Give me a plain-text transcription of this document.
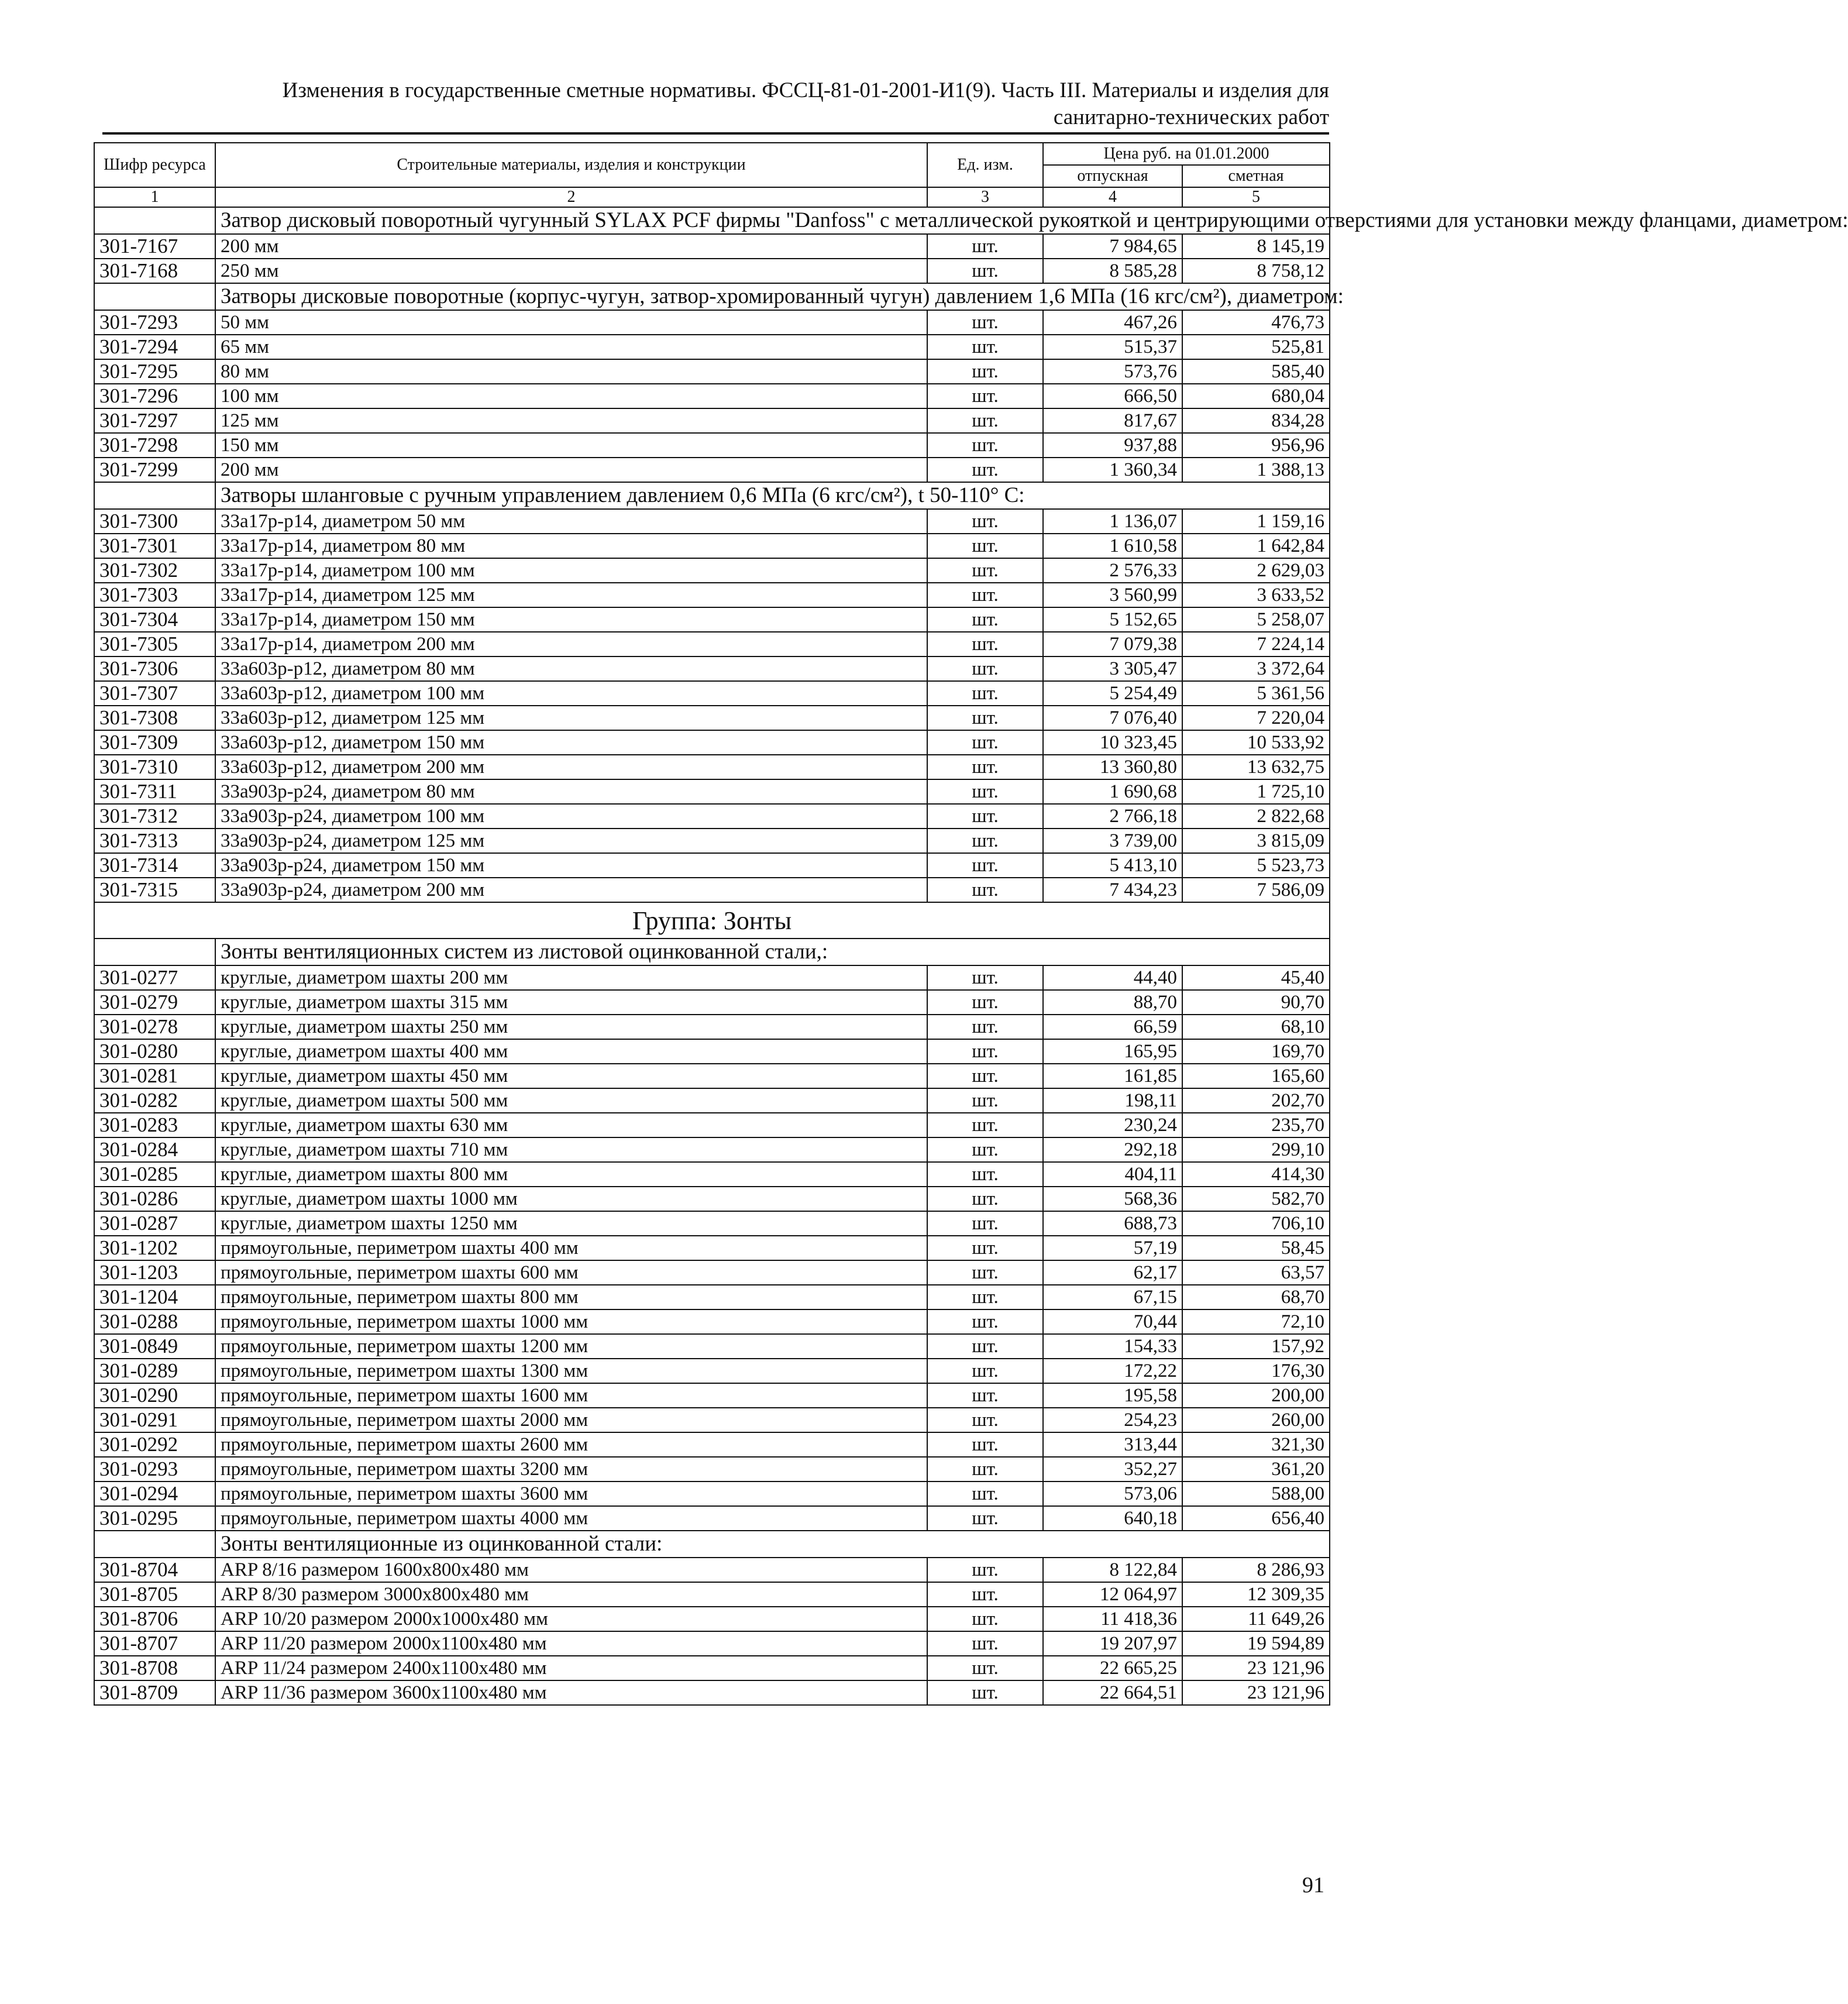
Изменения в государственные сметные нормативы. ФССЦ-81-01-2001-И1(9). Часть III. Материалы и изделия для
санитарно-технических работ
Шифр ресурса	Строительные материалы, изделия и конструкции	Ед. изм.	Цена руб. на 01.01.2000	
			отпускная	сметная
1	2	3	4	5
	Затвор дисковый поворотный чугунный SYLAX PCF фирмы "Danfoss" с металлической рукояткой и центрирующими отверстиями для установки между фланцами, диаметром:			
301-7167	200 мм	шт.	7 984,65	8 145,19
301-7168	250 мм	шт.	8 585,28	8 758,12
	Затворы дисковые поворотные (корпус-чугун, затвор-хромированный чугун) давлением 1,6 МПа (16 кгс/см²), диаметром:			
301-7293	50 мм	шт.	467,26	476,73
301-7294	65 мм	шт.	515,37	525,81
301-7295	80 мм	шт.	573,76	585,40
301-7296	100 мм	шт.	666,50	680,04
301-7297	125 мм	шт.	817,67	834,28
301-7298	150 мм	шт.	937,88	956,96
301-7299	200 мм	шт.	1 360,34	1 388,13
	Затворы шланговые с ручным управлением давлением 0,6 МПа (6 кгс/см²), t 50-110° С:			
301-7300	33а17р-р14, диаметром 50 мм	шт.	1 136,07	1 159,16
301-7301	33а17р-р14, диаметром 80 мм	шт.	1 610,58	1 642,84
301-7302	33а17р-р14, диаметром 100 мм	шт.	2 576,33	2 629,03
301-7303	33а17р-р14, диаметром 125 мм	шт.	3 560,99	3 633,52
301-7304	33а17р-р14, диаметром 150 мм	шт.	5 152,65	5 258,07
301-7305	33а17р-р14, диаметром 200 мм	шт.	7 079,38	7 224,14
301-7306	33а603р-р12, диаметром 80 мм	шт.	3 305,47	3 372,64
301-7307	33а603р-р12, диаметром 100 мм	шт.	5 254,49	5 361,56
301-7308	33а603р-р12, диаметром 125 мм	шт.	7 076,40	7 220,04
301-7309	33а603р-р12, диаметром 150 мм	шт.	10 323,45	10 533,92
301-7310	33а603р-р12, диаметром 200 мм	шт.	13 360,80	13 632,75
301-7311	33а903р-р24, диаметром 80 мм	шт.	1 690,68	1 725,10
301-7312	33а903р-р24, диаметром 100 мм	шт.	2 766,18	2 822,68
301-7313	33а903р-р24, диаметром 125 мм	шт.	3 739,00	3 815,09
301-7314	33а903р-р24, диаметром 150 мм	шт.	5 413,10	5 523,73
301-7315	33а903р-р24, диаметром 200 мм	шт.	7 434,23	7 586,09
Группа: Зонты				
	Зонты вентиляционных систем из листовой оцинкованной стали,:			
301-0277	круглые, диаметром шахты 200 мм	шт.	44,40	45,40
301-0279	круглые, диаметром шахты 315 мм	шт.	88,70	90,70
301-0278	круглые, диаметром шахты 250 мм	шт.	66,59	68,10
301-0280	круглые, диаметром шахты 400 мм	шт.	165,95	169,70
301-0281	круглые, диаметром шахты 450 мм	шт.	161,85	165,60
301-0282	круглые, диаметром шахты 500 мм	шт.	198,11	202,70
301-0283	круглые, диаметром шахты 630 мм	шт.	230,24	235,70
301-0284	круглые, диаметром шахты 710 мм	шт.	292,18	299,10
301-0285	круглые, диаметром шахты 800 мм	шт.	404,11	414,30
301-0286	круглые, диаметром шахты 1000 мм	шт.	568,36	582,70
301-0287	круглые, диаметром шахты 1250 мм	шт.	688,73	706,10
301-1202	прямоугольные, периметром шахты 400 мм	шт.	57,19	58,45
301-1203	прямоугольные, периметром шахты 600 мм	шт.	62,17	63,57
301-1204	прямоугольные, периметром шахты 800 мм	шт.	67,15	68,70
301-0288	прямоугольные, периметром шахты 1000 мм	шт.	70,44	72,10
301-0849	прямоугольные, периметром шахты 1200 мм	шт.	154,33	157,92
301-0289	прямоугольные, периметром шахты 1300 мм	шт.	172,22	176,30
301-0290	прямоугольные, периметром шахты 1600 мм	шт.	195,58	200,00
301-0291	прямоугольные, периметром шахты 2000 мм	шт.	254,23	260,00
301-0292	прямоугольные, периметром шахты 2600 мм	шт.	313,44	321,30
301-0293	прямоугольные, периметром шахты 3200 мм	шт.	352,27	361,20
301-0294	прямоугольные, периметром шахты 3600 мм	шт.	573,06	588,00
301-0295	прямоугольные, периметром шахты 4000 мм	шт.	640,18	656,40
	Зонты вентиляционные из оцинкованной стали:			
301-8704	ARP 8/16 размером 1600x800x480 мм	шт.	8 122,84	8 286,93
301-8705	ARP 8/30 размером 3000x800x480 мм	шт.	12 064,97	12 309,35
301-8706	ARP 10/20 размером 2000x1000x480 мм	шт.	11 418,36	11 649,26
301-8707	ARP 11/20 размером 2000x1100x480 мм	шт.	19 207,97	19 594,89
301-8708	ARP 11/24 размером 2400x1100x480 мм	шт.	22 665,25	23 121,96
301-8709	ARP 11/36 размером 3600x1100x480 мм	шт.	22 664,51	23 121,96
91
